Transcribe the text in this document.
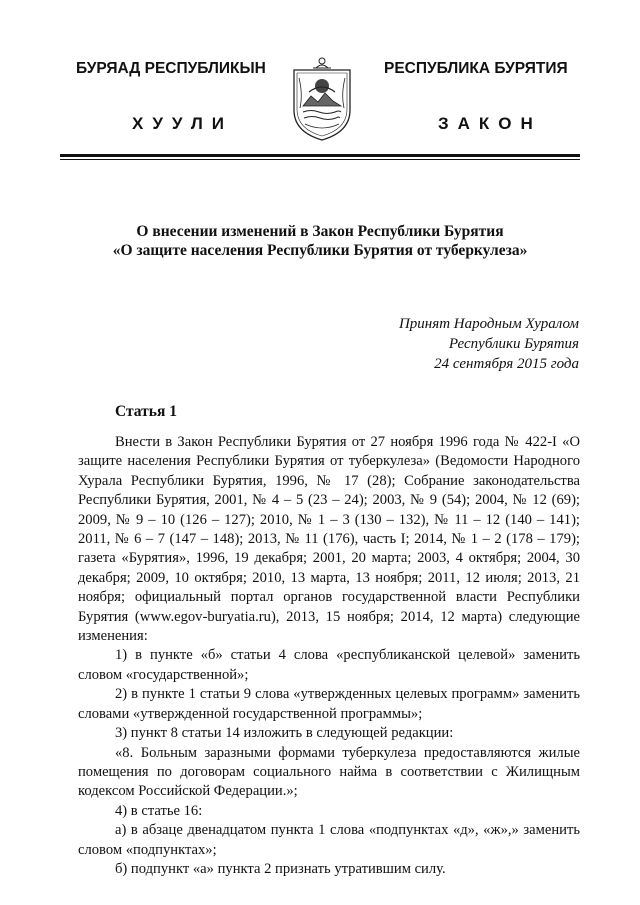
БУРЯАД РЕСПУБЛИКЫН
ХУУЛИ
РЕСПУБЛИКА БУРЯТИЯ
ЗАКОН
О внесении изменений в Закон Республики Бурятия
«О защите населения Республики Бурятия от туберкулеза»
Принят Народным Хуралом
Республики Бурятия
24 сентября 2015 года
Статья 1

Внести в Закон Республики Бурятия от 27 ноября 1996 года № 422-I «О защите населения Республики Бурятия от туберкулеза» (Ведомости Народного Хурала Республики Бурятия, 1996, № 17 (28); Собрание законодательства Республики Бурятия, 2001, № 4 – 5 (23 – 24); 2003, № 9 (54); 2004, № 12 (69); 2009, № 9 – 10 (126 – 127); 2010, № 1 – 3 (130 – 132), № 11 – 12 (140 – 141); 2011, № 6 – 7 (147 – 148); 2013, № 11 (176), часть I; 2014, № 1 – 2 (178 – 179); газета «Бурятия», 1996, 19 декабря; 2001, 20 марта; 2003, 4 октября; 2004, 30 декабря; 2009, 10 октября; 2010, 13 марта, 13 ноября; 2011, 12 июля; 2013, 21 ноября; официальный портал органов государственной власти Республики Бурятия (www.egov-buryatia.ru), 2013, 15 ноября; 2014, 12 марта) следующие изменения:

1) в пункте «б» статьи 4 слова «республиканской целевой» заменить словом «государственной»;

2) в пункте 1 статьи 9 слова «утвержденных целевых программ» заменить словами «утвержденной государственной программы»;

3) пункт 8 статьи 14 изложить в следующей редакции:

«8. Больным заразными формами туберкулеза предоставляются жилые помещения по договорам социального найма в соответствии с Жилищным кодексом Российской Федерации.»;

4) в статье 16:

а) в абзаце двенадцатом пункта 1 слова «подпунктах «д», «ж»,» заменить словом «подпунктах»;

б) подпункт «а» пункта 2 признать утратившим силу.
